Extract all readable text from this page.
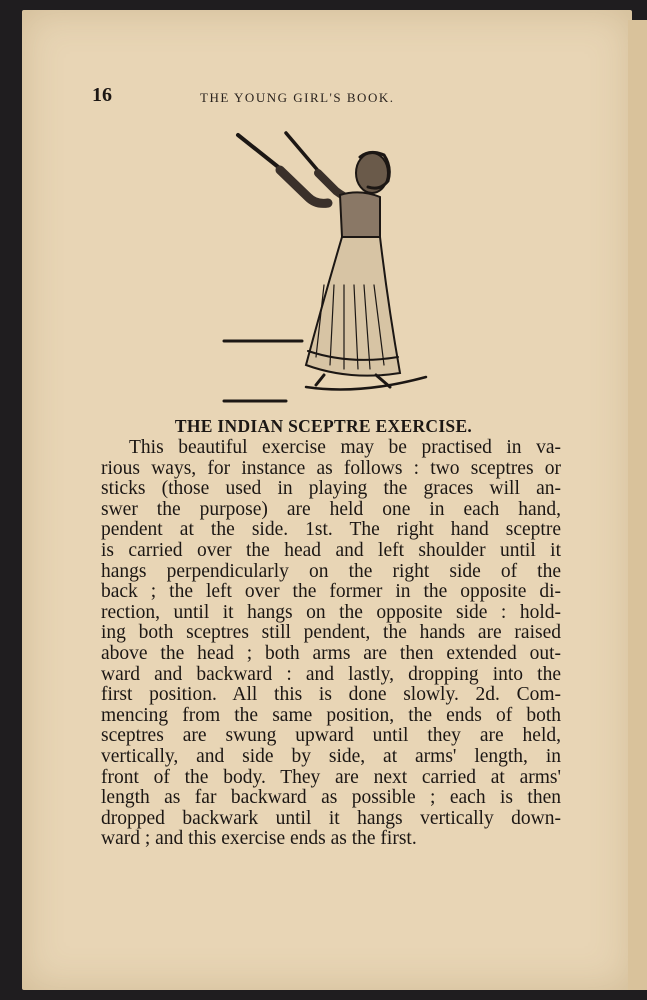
16	THE YOUNG GIRL'S BOOK.
THE INDIAN SCEPTRE EXERCISE.
This beautiful exercise may be practised in va-
rious ways, for instance as follows : two sceptres or
sticks (those used in playing the graces will an-
swer the purpose) are held one in each hand,
pendent at the side. 1st. The right hand sceptre
is carried over the head and left shoulder until it
hangs perpendicularly on the right side of the
back ; the left over the former in the opposite di-
rection, until it hangs on the opposite side : hold-
ing both sceptres still pendent, the hands are raised
above the head ; both arms are then extended out-
ward and backward : and lastly, dropping into the
first position. All this is done slowly. 2d. Com-
mencing from the same position, the ends of both
sceptres are swung upward until they are held,
vertically, and side by side, at arms' length, in
front of the body. They are next carried at arms'
length as far backward as possible ; each is then
dropped backwark until it hangs vertically down-
ward ; and this exercise ends as the first.
